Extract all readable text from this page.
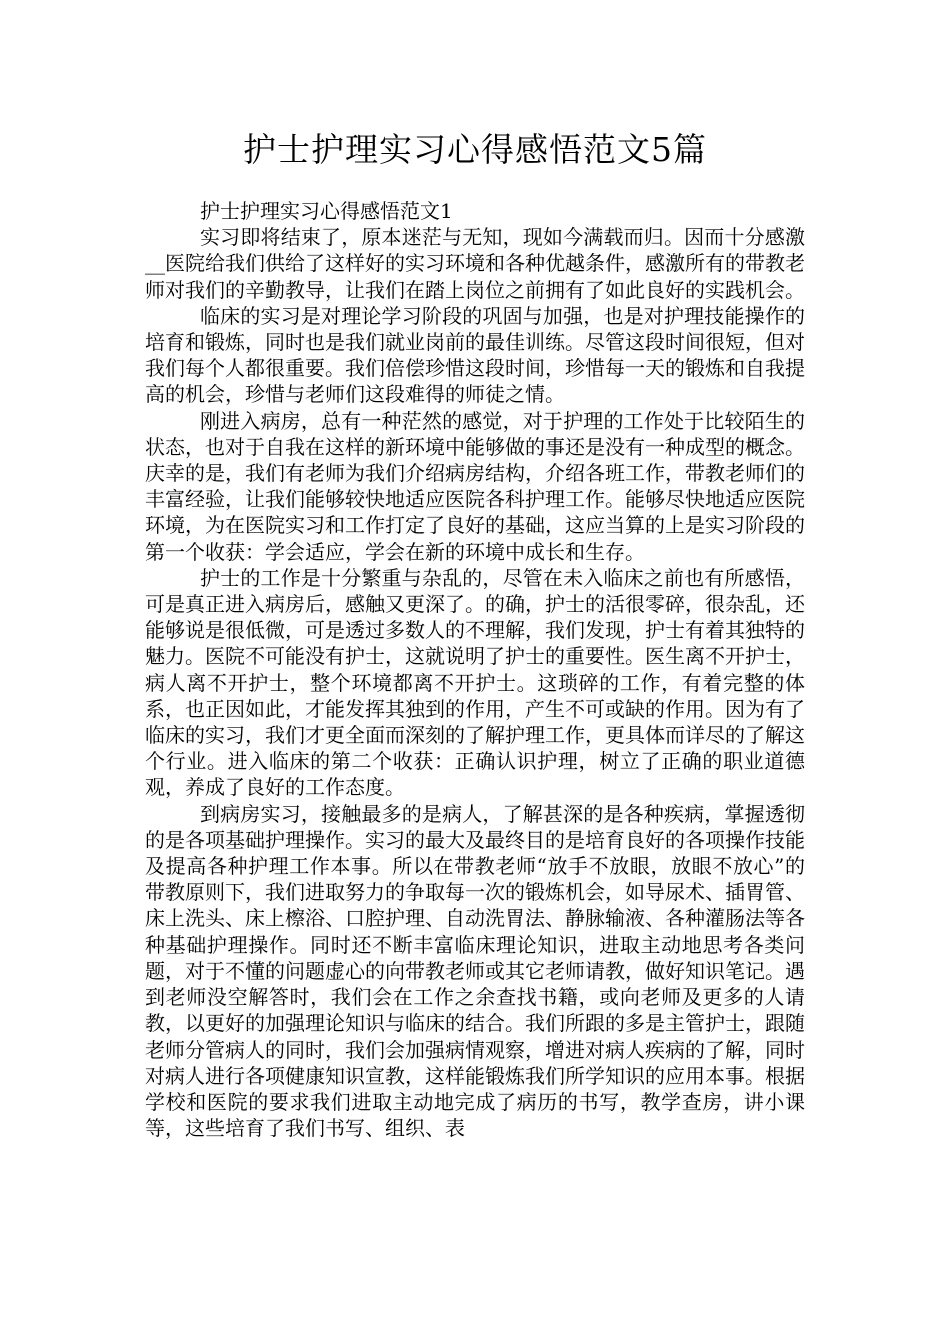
护士护理实习心得感悟范文5篇

护士护理实习心得感悟范文1

实习即将结束了，原本迷茫与无知，现如今满载而归。因而十分感激__医院给我们供给了这样好的实习环境和各种优越条件，感激所有的带教老师对我们的辛勤教导，让我们在踏上岗位之前拥有了如此良好的实践机会。

临床的实习是对理论学习阶段的巩固与加强，也是对护理技能操作的培育和锻炼，同时也是我们就业岗前的最佳训练。尽管这段时间很短，但对我们每个人都很重要。我们倍偿珍惜这段时间，珍惜每一天的锻炼和自我提高的机会，珍惜与老师们这段难得的师徒之情。

刚进入病房，总有一种茫然的感觉，对于护理的工作处于比较陌生的状态，也对于自我在这样的新环境中能够做的事还是没有一种成型的概念。庆幸的是，我们有老师为我们介绍病房结构，介绍各班工作，带教老师们的丰富经验，让我们能够较快地适应医院各科护理工作。能够尽快地适应医院环境，为在医院实习和工作打定了良好的基础，这应当算的上是实习阶段的第一个收获：学会适应，学会在新的环境中成长和生存。

护士的工作是十分繁重与杂乱的，尽管在未入临床之前也有所感悟，可是真正进入病房后，感触又更深了。的确，护士的活很零碎，很杂乱，还能够说是很低微，可是透过多数人的不理解，我们发现，护士有着其独特的魅力。医院不可能没有护士，这就说明了护士的重要性。医生离不开护士，病人离不开护士，整个环境都离不开护士。这琐碎的工作，有着完整的体系，也正因如此，才能发挥其独到的作用，产生不可或缺的作用。因为有了临床的实习，我们才更全面而深刻的了解护理工作，更具体而详尽的了解这个行业。进入临床的第二个收获：正确认识护理，树立了正确的职业道德观，养成了良好的工作态度。

到病房实习，接触最多的是病人，了解甚深的是各种疾病，掌握透彻的是各项基础护理操作。实习的最大及最终目的是培育良好的各项操作技能及提高各种护理工作本事。所以在带教老师“放手不放眼，放眼不放心”的带教原则下，我们进取努力的争取每一次的锻炼机会，如导尿术、插胃管、床上洗头、床上檫浴、口腔护理、自动洗胃法、静脉输液、各种灌肠法等各种基础护理操作。同时还不断丰富临床理论知识，进取主动地思考各类问题，对于不懂的问题虚心的向带教老师或其它老师请教，做好知识笔记。遇到老师没空解答时，我们会在工作之余查找书籍，或向老师及更多的人请教，以更好的加强理论知识与临床的结合。我们所跟的多是主管护士，跟随老师分管病人的同时，我们会加强病情观察，增进对病人疾病的了解，同时对病人进行各项健康知识宣教，这样能锻炼我们所学知识的应用本事。根据学校和医院的要求我们进取主动地完成了病历的书写，教学查房，讲小课等，这些培育了我们书写、组织、表
